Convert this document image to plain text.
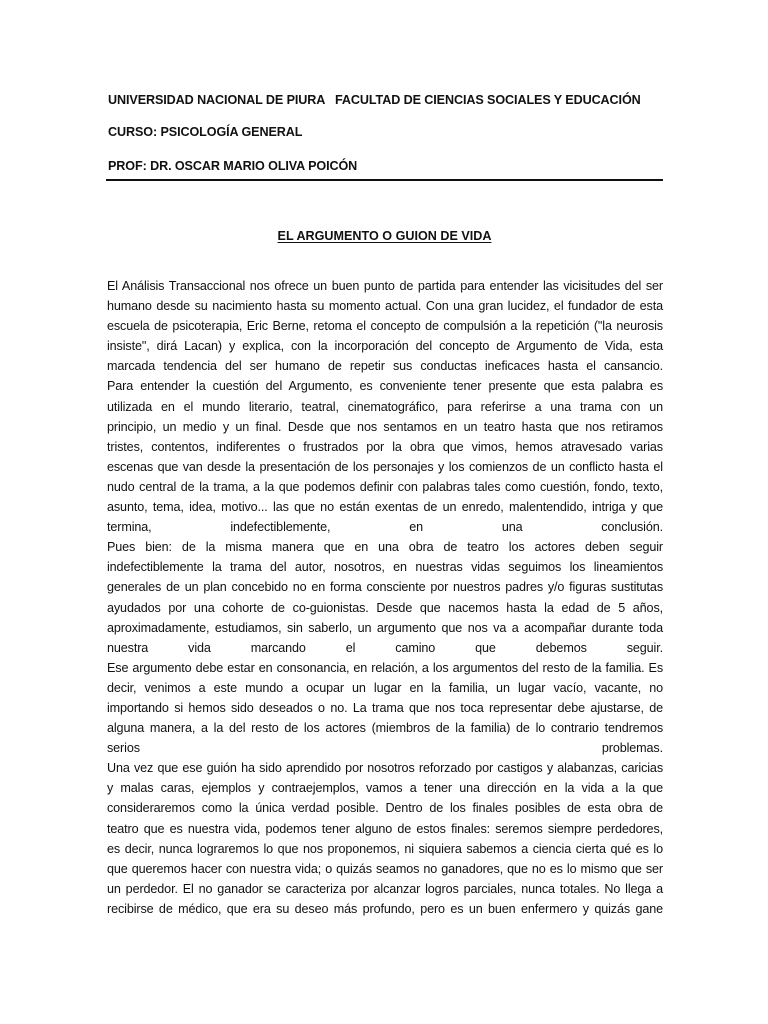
UNIVERSIDAD NACIONAL DE PIURA FACULTAD DE CIENCIAS SOCIALES Y EDUCACIÓN
CURSO: PSICOLOGÍA GENERAL
PROF: DR. OSCAR MARIO OLIVA POICÓN
EL ARGUMENTO O GUION DE VIDA
El Análisis Transaccional nos ofrece un buen punto de partida para entender las vicisitudes del ser
humano desde su nacimiento hasta su momento actual. Con una gran lucidez, el fundador de esta
escuela de psicoterapia, Eric Berne, retoma el concepto de compulsión a la repetición ("la neurosis
insiste", dirá Lacan) y explica, con la incorporación del concepto de Argumento de Vida, esta
marcada tendencia del ser humano de repetir sus conductas ineficaces hasta el cansancio.
Para entender la cuestión del Argumento, es conveniente tener presente que esta palabra es
utilizada en el mundo literario, teatral, cinematográfico, para referirse a una trama con un
principio, un medio y un final. Desde que nos sentamos en un teatro hasta que nos retiramos
tristes, contentos, indiferentes o frustrados por la obra que vimos, hemos atravesado varias
escenas que van desde la presentación de los personajes y los comienzos de un conflicto hasta el
nudo central de la trama, a la que podemos definir con palabras tales como cuestión, fondo, texto,
asunto, tema, idea, motivo... las que no están exentas de un enredo, malentendido, intriga y que
termina, indefectiblemente, en una conclusión.
Pues bien: de la misma manera que en una obra de teatro los actores deben seguir
indefectiblemente la trama del autor, nosotros, en nuestras vidas seguimos los lineamientos
generales de un plan concebido no en forma consciente por nuestros padres y/o figuras sustitutas
ayudados por una cohorte de co-guionistas. Desde que nacemos hasta la edad de 5 años,
aproximadamente, estudiamos, sin saberlo, un argumento que nos va a acompañar durante toda
nuestra vida marcando el camino que debemos seguir.
Ese argumento debe estar en consonancia, en relación, a los argumentos del resto de la familia. Es
decir, venimos a este mundo a ocupar un lugar en la familia, un lugar vacío, vacante, no
importando si hemos sido deseados o no. La trama que nos toca representar debe ajustarse, de
alguna manera, a la del resto de los actores (miembros de la familia) de lo contrario tendremos
serios problemas.
Una vez que ese guión ha sido aprendido por nosotros reforzado por castigos y alabanzas, caricias
y malas caras, ejemplos y contraejemplos, vamos a tener una dirección en la vida a la que
consideraremos como la única verdad posible. Dentro de los finales posibles de esta obra de
teatro que es nuestra vida, podemos tener alguno de estos finales: seremos siempre perdedores,
es decir, nunca lograremos lo que nos proponemos, ni siquiera sabemos a ciencia cierta qué es lo
que queremos hacer con nuestra vida; o quizás seamos no ganadores, que no es lo mismo que ser
un perdedor. El no ganador se caracteriza por alcanzar logros parciales, nunca totales. No llega a
recibirse de médico, que era su deseo más profundo, pero es un buen enfermero y quizás gane
